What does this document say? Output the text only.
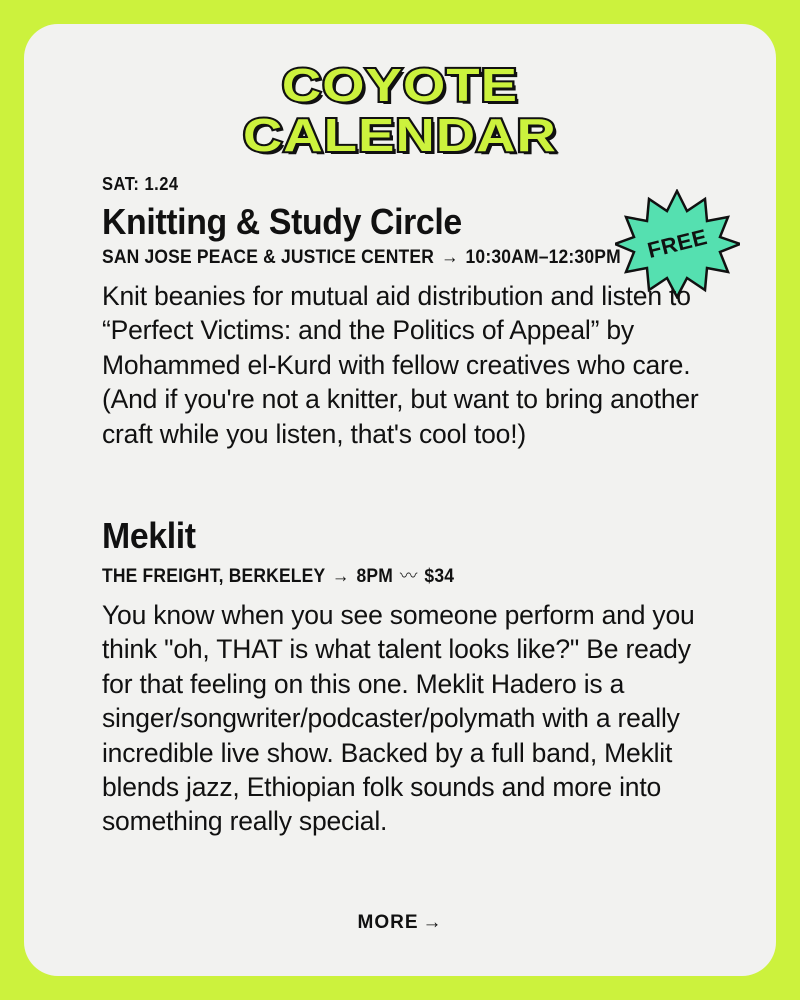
COYOTE
CALENDAR
FREE
SAT: 1.24
Knitting & Study Circle
SAN JOSE PEACE & JUSTICE CENTER → 10:30AM–12:30PM

Knit beanies for mutual aid distribution and listen to “Perfect Victims: and the Politics of Appeal” by Mohammed el-Kurd with fellow creatives who care. (And if you're not a knitter, but want to bring another craft while you listen, that's cool too!)

Meklit
THE FREIGHT, BERKELEY → 8PM 〰 $34

You know when you see someone perform and you think "oh, THAT is what talent looks like?" Be ready for that feeling on this one. Meklit Hadero is a singer/songwriter/podcaster/polymath with a really incredible live show. Backed by a full band, Meklit blends jazz, Ethiopian folk sounds and more into something really special.

MORE →
